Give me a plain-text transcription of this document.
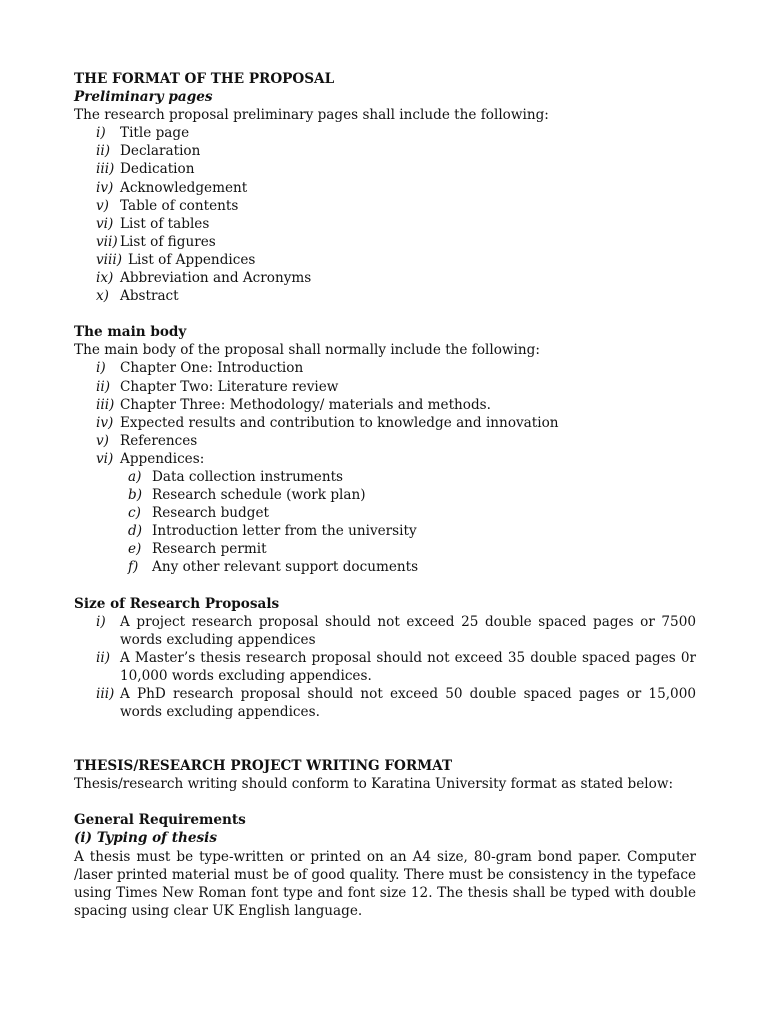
THE FORMAT OF THE PROPOSAL

Preliminary pages

The research proposal preliminary pages shall include the following:

i)	Title page
ii) Declaration
iii) Dedication
iv) Acknowledgement
v) Table of contents
vi) List of tables
vii) List of figures
viii) List of Appendices
ix) Abbreviation and Acronyms
x) Abstract

The main body

The main body of the proposal shall normally include the following:

i)	Chapter One: Introduction
ii) Chapter Two: Literature review
iii) Chapter Three: Methodology/ materials and methods.
iv) Expected results and contribution to knowledge and innovation
v) References
vi) Appendices:
a) Data collection instruments
b) Research schedule (work plan)
c) Research budget
d) Introduction letter from the university
e) Research permit
f)	Any other relevant support documents

Size of Research Proposals

i)	A project research proposal should not exceed 25 double spaced pages or 7500 words excluding appendices
ii) A Master’s thesis research proposal should not exceed 35 double spaced pages 0r 10,000 words excluding appendices.
iii) A PhD research proposal should not exceed 50 double spaced pages or 15,000 words excluding appendices.

THESIS/RESEARCH PROJECT WRITING FORMAT

Thesis/research writing should conform to Karatina University format as stated below:

General Requirements

(i) Typing of thesis

A thesis must be type-written or printed on an A4 size, 80-gram bond paper. Computer /laser printed material must be of good quality. There must be consistency in the typeface using Times New Roman font type and font size 12. The thesis shall be typed with double spacing using clear UK English language.
